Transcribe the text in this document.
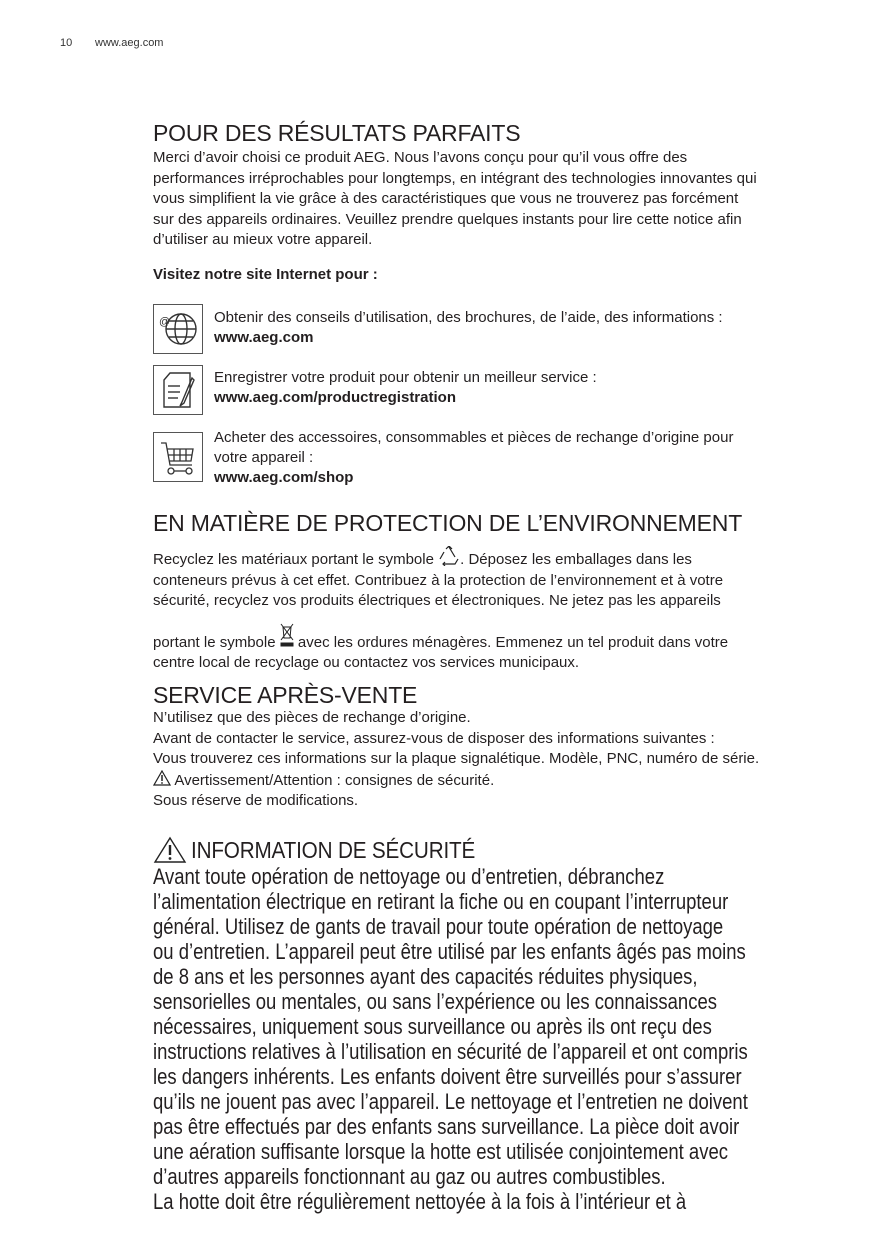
10 www.aeg.com
POUR DES RÉSULTATS PARFAITS
Merci d’avoir choisi ce produit AEG. Nous l’avons conçu pour qu’il vous offre des
performances irréprochables pour longtemps, en intégrant des technologies innovantes qui
vous simplifient la vie grâce à des caractéristiques que vous ne trouverez pas forcément
sur des appareils ordinaires. Veuillez prendre quelques instants pour lire cette notice afin
d’utiliser au mieux votre appareil.
Visitez notre site Internet pour :
@	Obtenir des conseils d’utilisation, des brochures, de l’aide, des informations :
www.aeg.com
Enregistrer votre produit pour obtenir un meilleur service :
www.aeg.com/productregistration
Acheter des accessoires, consommables et pièces de rechange d’origine pour
votre appareil :
www.aeg.com/shop
EN MATIÈRE DE PROTECTION DE L’ENVIRONNEMENT
Recyclez les matériaux portant le symbole . Déposez les emballages dans les
conteneurs prévus à cet effet. Contribuez à la protection de l’environnement et à votre
sécurité, recyclez vos produits électriques et électroniques. Ne jetez pas les appareils
portant le symbole  avec les ordures ménagères. Emmenez un tel produit dans votre
centre local de recyclage ou contactez vos services municipaux.
SERVICE APRÈS-VENTE
N’utilisez que des pièces de rechange d’origine.
Avant de contacter le service, assurez-vous de disposer des informations suivantes :
Vous trouverez ces informations sur la plaque signalétique. Modèle, PNC, numéro de série.
Avertissement/Attention : consignes de sécurité.
Sous réserve de modifications.
INFORMATION DE SÉCURITÉ
Avant toute opération de nettoyage ou d’entretien, débranchez
l’alimentation électrique en retirant la fiche ou en coupant l’interrupteur
général. Utilisez de gants de travail pour toute opération de nettoyage
ou d’entretien. L’appareil peut être utilisé par les enfants âgés pas moins
de 8 ans et les personnes ayant des capacités réduites physiques,
sensorielles ou mentales, ou sans l’expérience ou les connaissances
nécessaires, uniquement sous surveillance ou après ils ont reçu des
instructions relatives à l’utilisation en sécurité de l’appareil et ont compris
les dangers inhérents. Les enfants doivent être surveillés pour s’assurer
qu’ils ne jouent pas avec l’appareil. Le nettoyage et l’entretien ne doivent
pas être effectués par des enfants sans surveillance. La pièce doit avoir
une aération suffisante lorsque la hotte est utilisée conjointement avec
d’autres appareils fonctionnant au gaz ou autres combustibles.
La hotte doit être régulièrement nettoyée à la fois à l’intérieur et à
